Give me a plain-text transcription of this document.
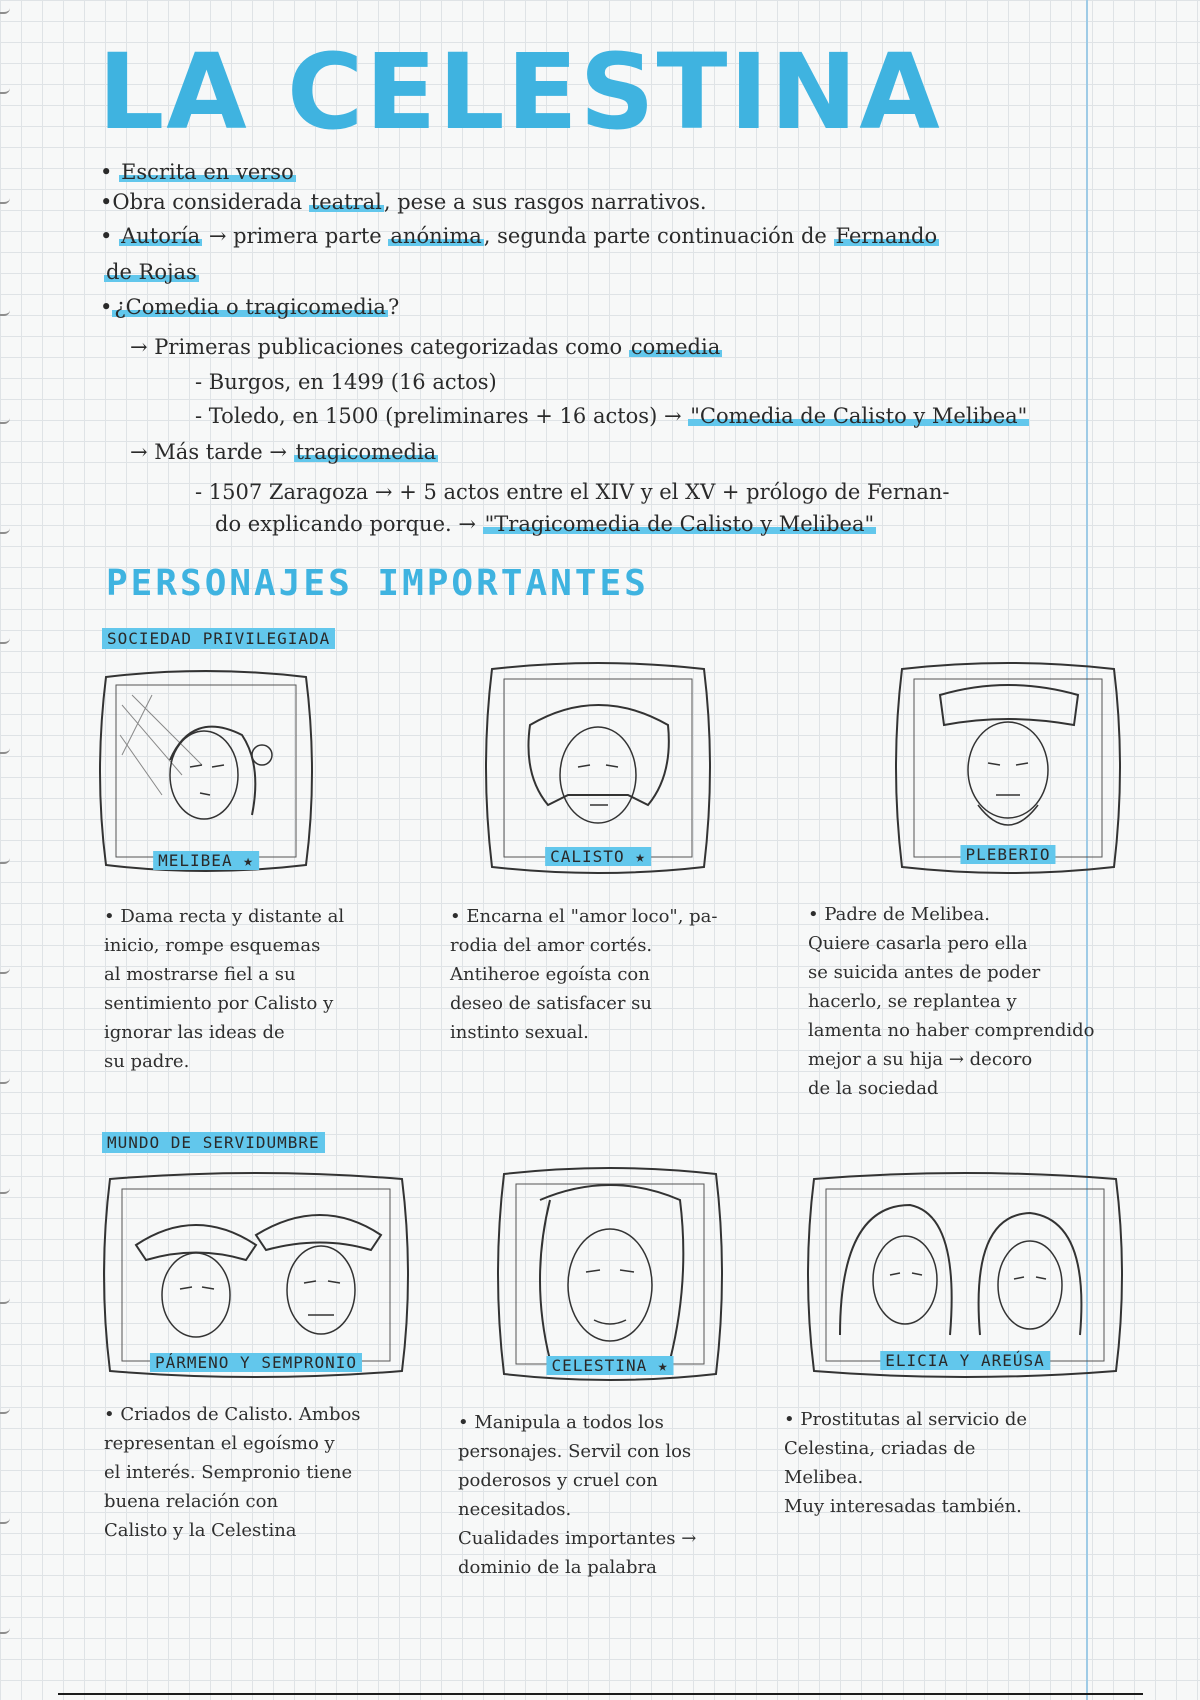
LA CELESTINA
• Escrita en verso
•Obra considerada teatral, pese a sus rasgos narrativos.
• Autoría → primera parte anónima, segunda parte continuación de Fernando
de Rojas
•¿Comedia o tragicomedia?
→ Primeras publicaciones categorizadas como comedia
- Burgos, en 1499 (16 actos)
- Toledo, en 1500 (preliminares + 16 actos) → "Comedia de Calisto y Melibea"
→ Más tarde → tragicomedia
- 1507 Zaragoza → + 5 actos entre el XIV y el XV + prólogo de Fernan-
do explicando porque. → "Tragicomedia de Calisto y Melibea"
PERSONAJES IMPORTANTES
SOCIEDAD PRIVILEGIADA
MUNDO DE SERVIDUMBRE
MELIBEA ★	CALISTO ★	PLEBERIO
• Dama recta y distante al
inicio, rompe esquemas
al mostrarse fiel a su
sentimiento por Calisto y
ignorar las ideas de
su padre.
• Encarna el "amor loco", pa-
rodia del amor cortés.
Antiheroe egoísta con
deseo de satisfacer su
instinto sexual.
• Padre de Melibea.
Quiere casarla pero ella
se suicida antes de poder
hacerlo, se replantea y
lamenta no haber comprendido
mejor a su hija → decoro
de la sociedad
PÁRMENO Y SEMPRONIO	CELESTINA ★	ELICIA Y AREÚSA
• Criados de Calisto. Ambos
representan el egoísmo y
el interés. Sempronio tiene
buena relación con
Calisto y la Celestina
• Manipula a todos los
personajes. Servil con los
poderosos y cruel con
necesitados.
Cualidades importantes →
dominio de la palabra
• Prostitutas al servicio de
Celestina, criadas de
Melibea.
Muy interesadas también.
